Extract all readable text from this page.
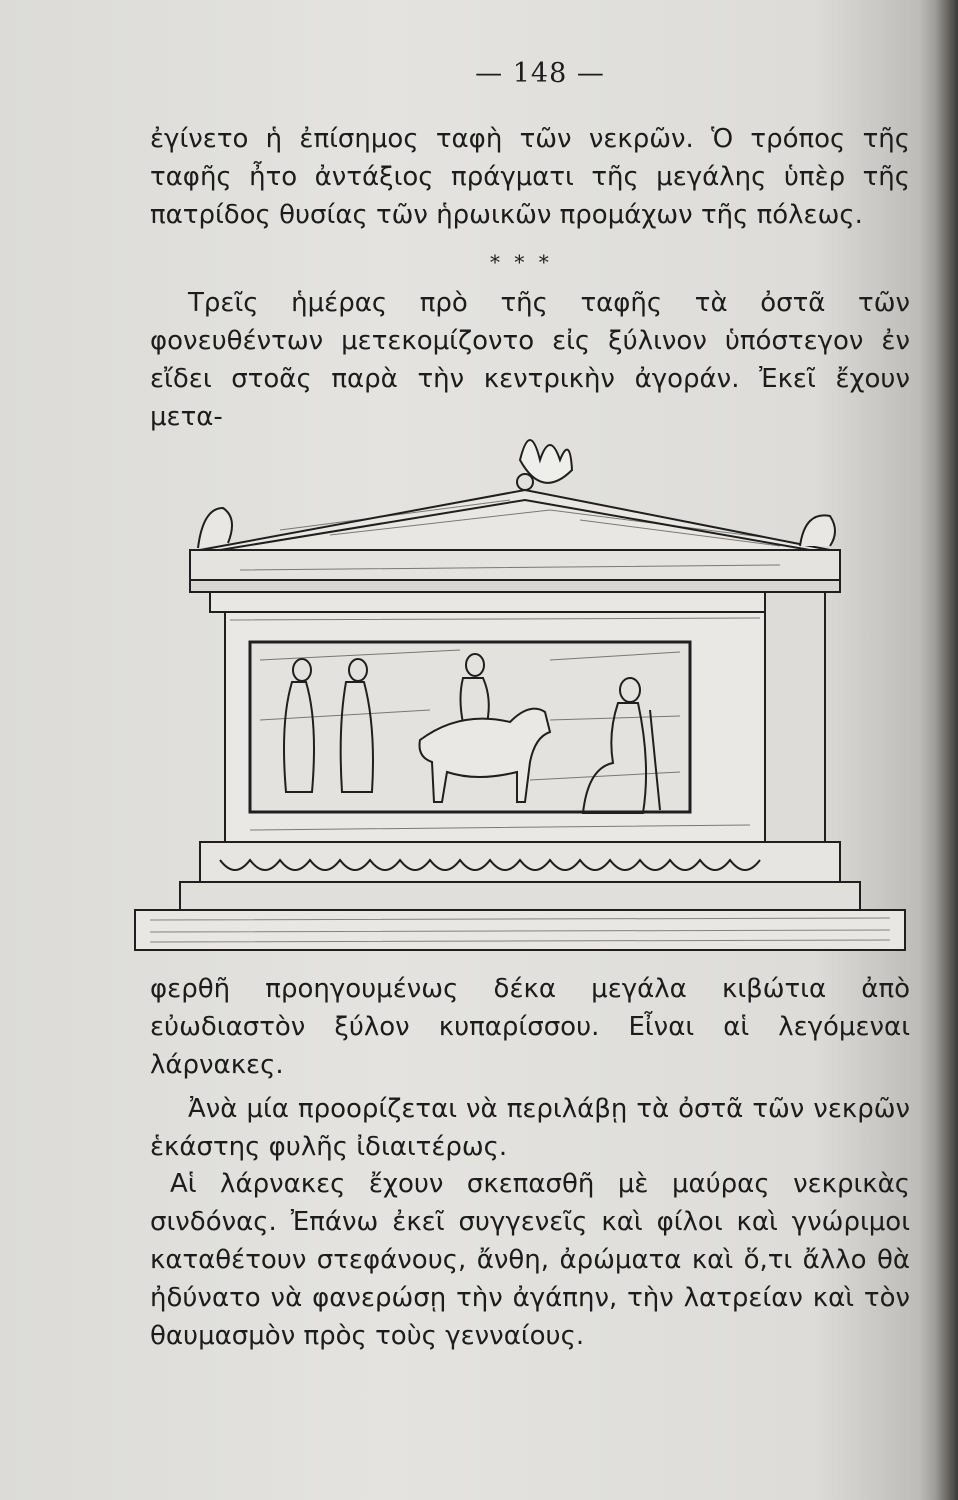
— 148 —

ἐγίνετο ἡ ἐπίσημος ταφὴ τῶν νεκρῶν. Ὁ τρόπος τῆς ταφῆς ἦτο ἀντάξιος πράγματι τῆς μεγάλης ὑπὲρ τῆς πατρίδος θυσίας τῶν ἡρωικῶν προμάχων τῆς πόλεως.

* * *

Τρεῖς ἡμέρας πρὸ τῆς ταφῆς τὰ ὀστᾶ τῶν φονευθέντων μετεκομίζοντο εἰς ξύλινον ὑπόστεγον ἐν εἴδει στοᾶς παρὰ τὴν κεντρικὴν ἀγοράν. Ἐκεῖ ἔχουν μετα-

φερθῆ προηγουμένως δέκα μεγάλα κιβώτια ἀπὸ εὐωδιαστὸν ξύλον κυπαρίσσου. Εἶναι αἱ λεγόμεναι λάρνακες.

Ἀνὰ μία προορίζεται νὰ περιλάβῃ τὰ ὀστᾶ τῶν νεκρῶν ἑκάστης φυλῆς ἰδιαιτέρως.

Αἱ λάρνακες ἔχουν σκεπασθῆ μὲ μαύρας νεκρικὰς σινδόνας. Ἐπάνω ἐκεῖ συγγενεῖς καὶ φίλοι καὶ γνώριμοι καταθέτουν στεφάνους, ἄνθη, ἀρώματα καὶ ὅ,τι ἄλλο θὰ ἠδύνατο νὰ φανερώσῃ τὴν ἀγάπην, τὴν λατρείαν καὶ τὸν θαυμασμὸν πρὸς τοὺς γενναίους.
